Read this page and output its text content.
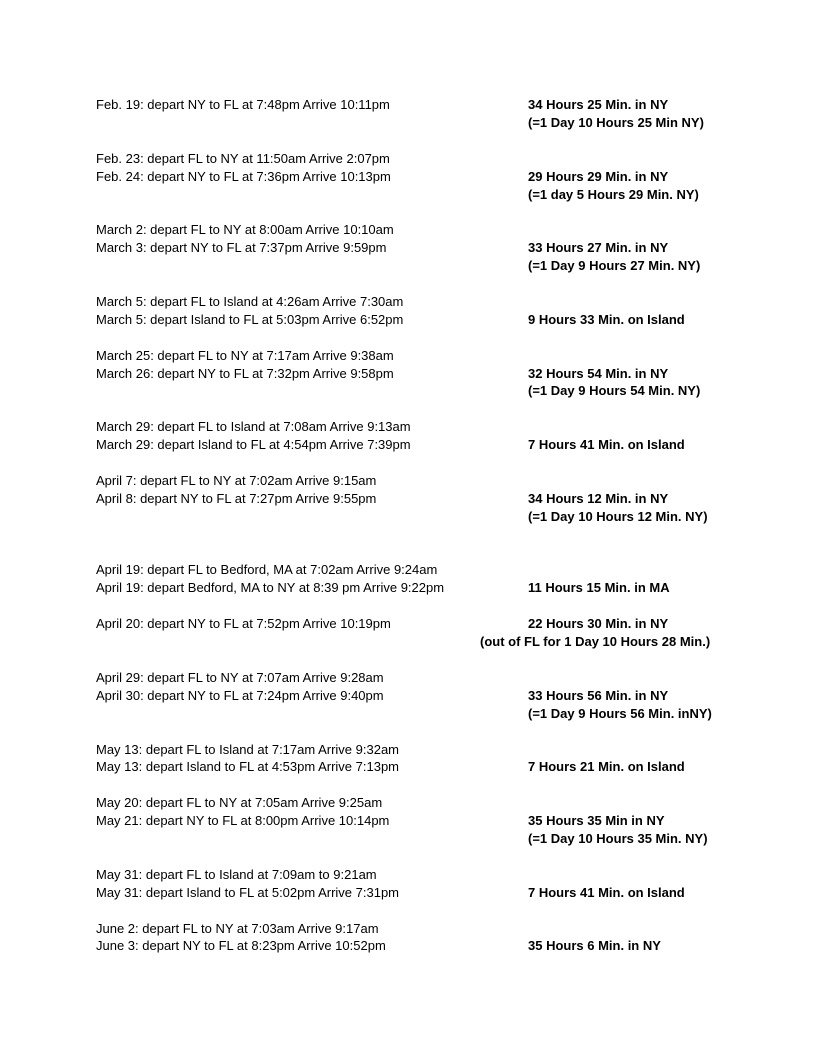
Feb. 19: depart NY to FL at 7:48pm Arrive 10:11pm	34 Hours 25 Min. in NY
(=1 Day 10 Hours 25 Min NY)
Feb. 23: depart FL to NY at 11:50am Arrive 2:07pm
Feb. 24: depart NY to FL at 7:36pm Arrive 10:13pm	29 Hours 29 Min. in NY
(=1 day 5 Hours 29 Min. NY)
March 2: depart FL to NY at 8:00am Arrive 10:10am
March 3: depart NY to FL at 7:37pm Arrive 9:59pm	33 Hours 27 Min. in NY
(=1 Day 9 Hours 27 Min. NY)
March 5: depart FL to Island at 4:26am Arrive 7:30am
March 5: depart Island to FL at 5:03pm Arrive 6:52pm	9 Hours 33 Min. on Island
March 25: depart FL to NY at 7:17am Arrive 9:38am
March 26: depart NY to FL at 7:32pm Arrive 9:58pm	32 Hours 54 Min. in NY
(=1 Day 9 Hours 54 Min. NY)
March 29: depart FL to Island at 7:08am Arrive 9:13am
March 29: depart Island to FL at 4:54pm Arrive 7:39pm	7 Hours 41 Min. on Island
April 7: depart FL to NY at 7:02am Arrive 9:15am
April 8: depart NY to FL at 7:27pm Arrive 9:55pm	34 Hours 12 Min. in NY
(=1 Day 10 Hours 12 Min. NY)
April 19: depart FL to Bedford, MA at 7:02am Arrive 9:24am
April 19: depart Bedford, MA to NY at 8:39 pm Arrive 9:22pm	11 Hours 15 Min. in MA
April 20: depart NY to FL at 7:52pm Arrive 10:19pm	22 Hours 30 Min. in NY
(out of FL for 1 Day 10 Hours 28 Min.)
April 29: depart FL to NY at 7:07am Arrive 9:28am
April 30: depart NY to FL at 7:24pm Arrive 9:40pm	33 Hours 56 Min. in NY
(=1 Day 9 Hours 56 Min. inNY)
May 13: depart FL to Island at 7:17am Arrive 9:32am
May 13: depart Island to FL at 4:53pm Arrive 7:13pm	7 Hours 21 Min. on Island
May 20: depart FL to NY at 7:05am Arrive 9:25am
May 21: depart NY to FL at 8:00pm Arrive 10:14pm	35 Hours 35 Min in NY
(=1 Day 10 Hours 35 Min. NY)
May 31: depart FL to Island at 7:09am to 9:21am
May 31: depart Island to FL at 5:02pm Arrive 7:31pm	7 Hours 41 Min. on Island
June 2: depart FL to NY at 7:03am Arrive 9:17am
June 3: depart NY to FL at 8:23pm Arrive 10:52pm	35 Hours 6 Min. in NY
